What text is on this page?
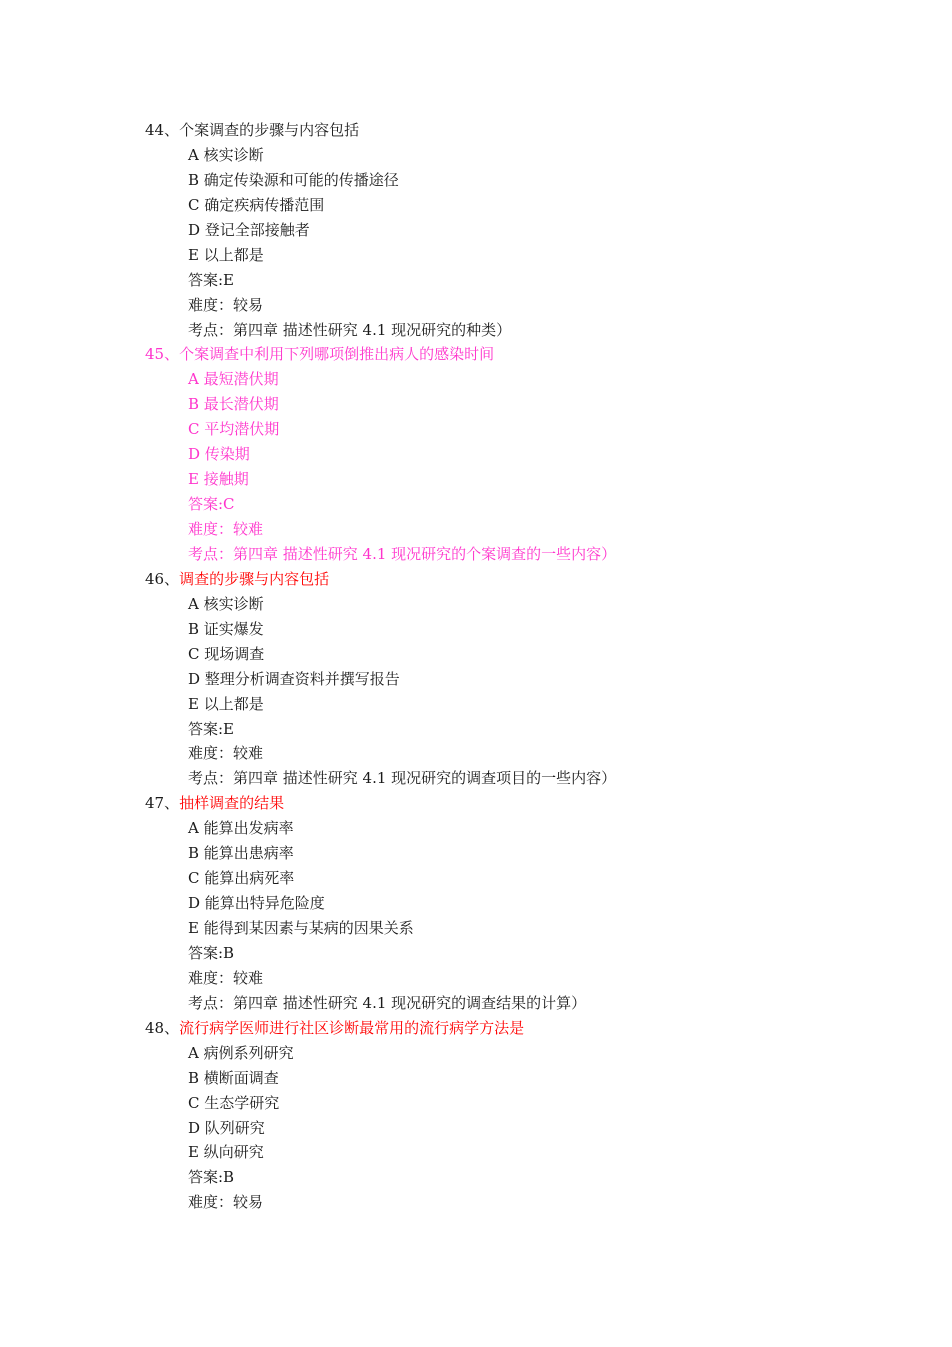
44、个案调查的步骤与内容包括
A 核实诊断
B 确定传染源和可能的传播途径
C 确定疾病传播范围
D 登记全部接触者
E 以上都是
答案:E
难度：较易
考点：第四章 描述性研究 4.1 现况研究的种类）
45、个案调查中利用下列哪项倒推出病人的感染时间
A 最短潜伏期
B 最长潜伏期
C 平均潜伏期
D 传染期
E 接触期
答案:C
难度：较难
考点：第四章 描述性研究 4.1 现况研究的个案调查的一些内容）
46、调查的步骤与内容包括
A 核实诊断
B 证实爆发
C 现场调查
D 整理分析调查资料并撰写报告
E 以上都是
答案:E
难度：较难
考点：第四章 描述性研究 4.1 现况研究的调查项目的一些内容）
47、抽样调查的结果
A 能算出发病率
B 能算出患病率
C 能算出病死率
D 能算出特异危险度
E 能得到某因素与某病的因果关系
答案:B
难度：较难
考点：第四章 描述性研究 4.1 现况研究的调查结果的计算）
48、流行病学医师进行社区诊断最常用的流行病学方法是
A 病例系列研究
B 横断面调查
C 生态学研究
D 队列研究
E 纵向研究
答案:B
难度：较易
